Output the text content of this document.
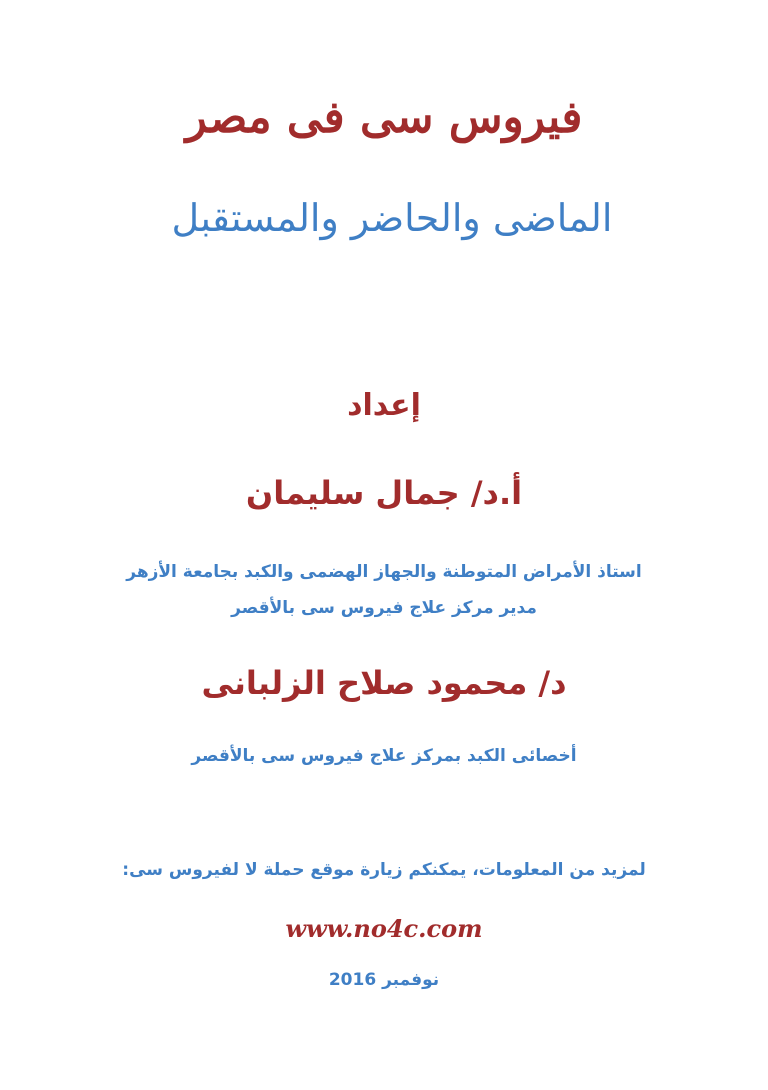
فيروس سى فى مصر
الماضى والحاضر والمستقبل
إعداد
أ.د/ جمال سليمان
استاذ الأمراض المتوطنة والجهاز الهضمى والكبد بجامعة الأزهر
مدير مركز علاج فيروس سى بالأقصر
د/ محمود صلاح الزلبانى
أخصائى الكبد بمركز علاج فيروس سى بالأقصر
لمزيد من المعلومات، يمكنكم زيارة موقع حملة لا لفيروس سى:
www.no4c.com
نوفمبر 2016
